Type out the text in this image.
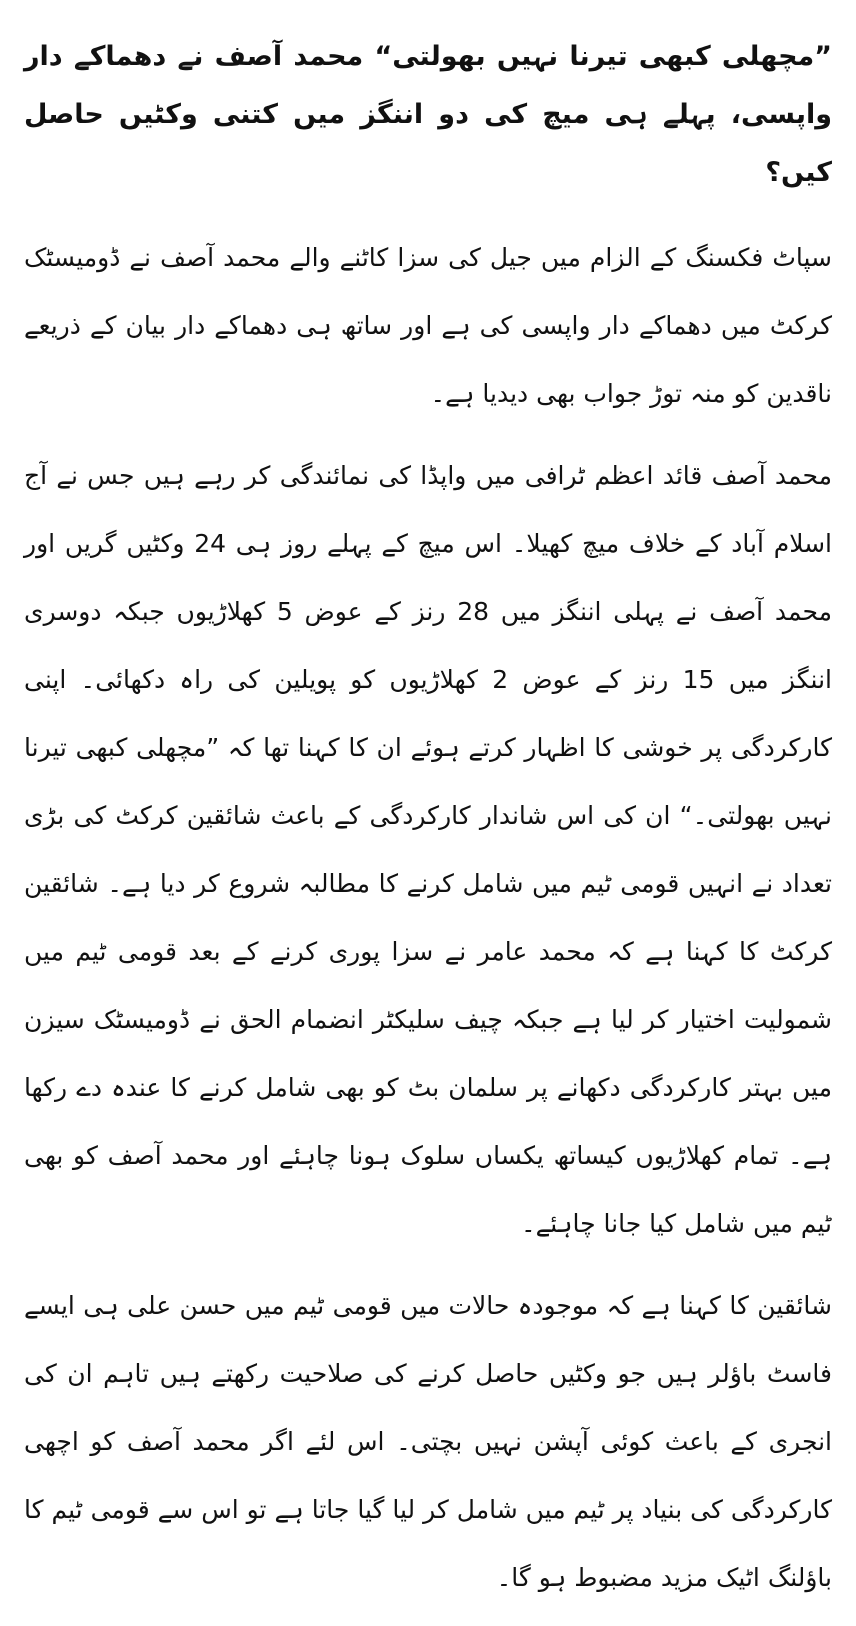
”مچھلی کبھی تیرنا نہیں بھولتی“ محمد آصف نے دھماکے دار واپسی، پہلے ہی میچ کی دو اننگز میں کتنی وکٹیں حاصل کیں؟

سپاٹ فکسنگ کے الزام میں جیل کی سزا کاٹنے والے محمد آصف نے ڈومیسٹک کرکٹ میں دھماکے دار واپسی کی ہے اور ساتھ ہی دھماکے دار بیان کے ذریعے ناقدین کو منہ توڑ جواب بھی دیدیا ہے۔

محمد آصف قائد اعظم ٹرافی میں واپڈا کی نمائندگی کر رہے ہیں جس نے آج اسلام آباد کے خلاف میچ کھیلا۔ اس میچ کے پہلے روز ہی 24 وکٹیں گریں اور محمد آصف نے پہلی اننگز میں 28 رنز کے عوض 5 کھلاڑیوں جبکہ دوسری اننگز میں 15 رنز کے عوض 2 کھلاڑیوں کو پویلین کی راہ دکھائی۔ اپنی کارکردگی پر خوشی کا اظہار کرتے ہوئے ان کا کہنا تھا کہ ”مچھلی کبھی تیرنا نہیں بھولتی۔“ ان کی اس شاندار کارکردگی کے باعث شائقین کرکٹ کی بڑی تعداد نے انہیں قومی ٹیم میں شامل کرنے کا مطالبہ شروع کر دیا ہے۔ شائقین کرکٹ کا کہنا ہے کہ محمد عامر نے سزا پوری کرنے کے بعد قومی ٹیم میں شمولیت اختیار کر لیا ہے جبکہ چیف سلیکٹر انضمام الحق نے ڈومیسٹک سیزن میں بہتر کارکردگی دکھانے پر سلمان بٹ کو بھی شامل کرنے کا عندہ دے رکھا ہے۔ تمام کھلاڑیوں کیساتھ یکساں سلوک ہونا چاہئے اور محمد آصف کو بھی ٹیم میں شامل کیا جانا چاہئے۔

شائقین کا کہنا ہے کہ موجودہ حالات میں قومی ٹیم میں حسن علی ہی ایسے فاسٹ باؤلر ہیں جو وکٹیں حاصل کرنے کی صلاحیت رکھتے ہیں تاہم ان کی انجری کے باعث کوئی آپشن نہیں بچتی۔ اس لئے اگر محمد آصف کو اچھی کارکردگی کی بنیاد پر ٹیم میں شامل کر لیا گیا جاتا ہے تو اس سے قومی ٹیم کا باؤلنگ اٹیک مزید مضبوط ہو گا۔
